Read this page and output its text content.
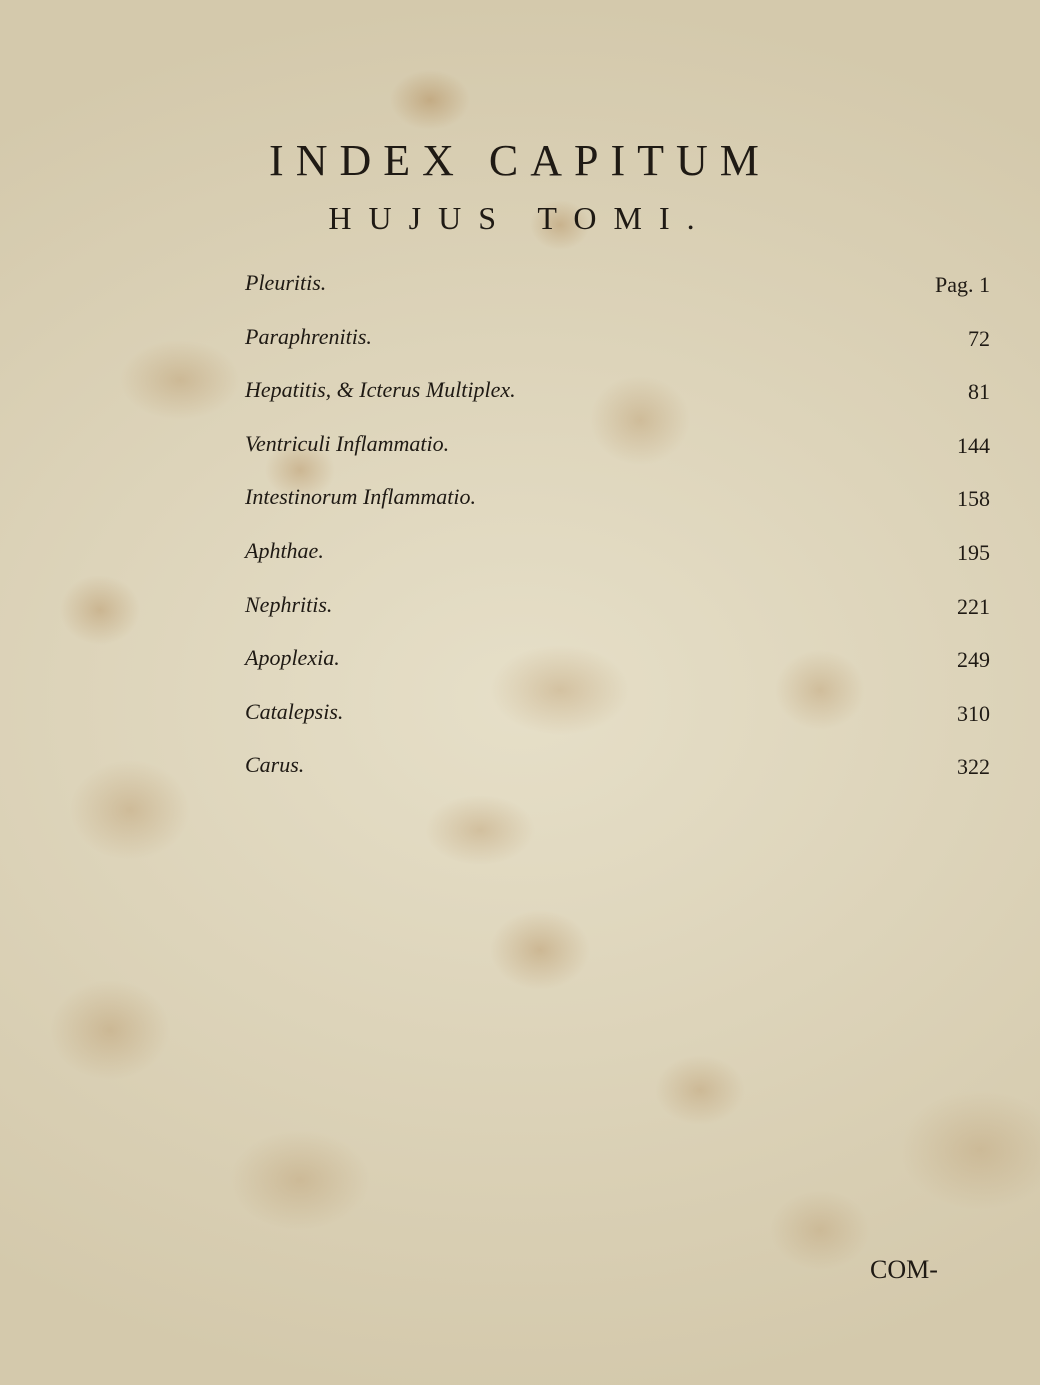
INDEX CAPITUM
HUJUS TOMI.
Pleuritis.	Pag. 1
Paraphrenitis.	72
Hepatitis, & Icterus Multiplex.	81
Ventriculi Inflammatio.	144
Intestinorum Inflammatio.	158
Aphthae.	195
Nephritis.	221
Apoplexia.	249
Catalepsis.	310
Carus.	322
COM-
